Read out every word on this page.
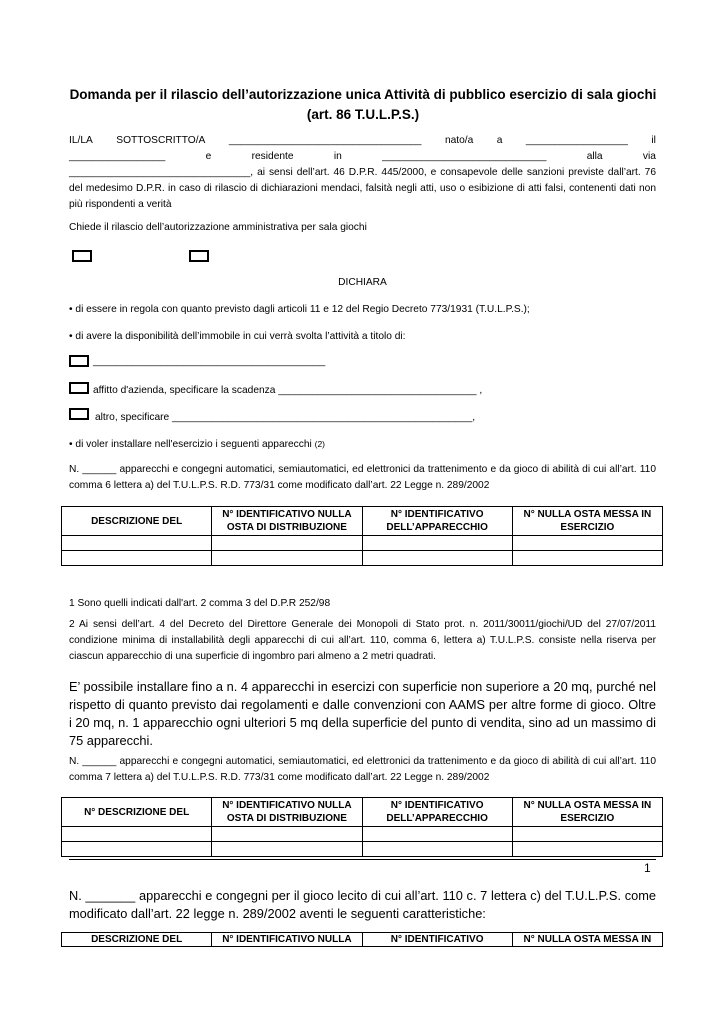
Domanda per il rilascio dell’autorizzazione unica Attività di pubblico esercizio di sala giochi (art. 86 T.U.L.P.S.)
IL/LA SOTTOSCRITTO/A __________________________________ nato/a a __________________ il
_________________	e	residente	in	_____________________________	alla	via
________________________________, ai sensi dell’art. 46 D.P.R. 445/2000, e consapevole delle sanzioni previste dall’art. 76 del medesimo D.P.R. in caso di rilascio di dichiarazioni mendaci, falsità negli atti, uso o esibizione di atti falsi, contenenti dati non più rispondenti a verità
Chiede il rilascio dell’autorizzazione amministrativa per sala giochi
DICHIARA
• di essere in regola con quanto previsto dagli articoli 11 e 12 del Regio Decreto 773/1931 (T.U.L.P.S.);
• di avere la disponibilità dell’immobile in cui verrà svolta l’attività a titolo di:
_________________________________________
affitto d'azienda, specificare la scadenza ___________________________________ ,
altro, specificare _____________________________________________________,
• di voler installare nell'esercizio i seguenti apparecchi (2)
N. ______ apparecchi e congegni automatici, semiautomatici, ed elettronici da trattenimento e da gioco di abilità di cui all’art. 110 comma 6 lettera a) del T.U.L.P.S. R.D. 773/31 come modificato dall’art. 22 Legge n. 289/2002
DESCRIZIONE DEL	N° IDENTIFICATIVO NULLA OSTA DI DISTRIBUZIONE	N° IDENTIFICATIVO DELL’APPARECCHIO	N° NULLA OSTA MESSA IN ESERCIZIO

1 Sono quelli indicati dall'art. 2 comma 3 del D.P.R 252/98
2 Ai sensi dell’art. 4 del Decreto del Direttore Generale dei Monopoli di Stato prot. n. 2011/30011/giochi/UD del 27/07/2011 condizione minima di installabilità degli apparecchi di cui all’art. 110, comma 6, lettera a) T.U.L.P.S. consiste nella riserva per ciascun apparecchio di una superficie di ingombro pari almeno a 2 metri quadrati.
E’ possibile installare fino a n. 4 apparecchi in esercizi con superficie non superiore a 20 mq, purché nel rispetto di quanto previsto dai regolamenti e dalle convenzioni con AAMS per altre forme di gioco. Oltre i 20 mq, n. 1 apparecchio ogni ulteriori 5 mq della superficie del punto di vendita, sino ad un massimo di 75 apparecchi.
N. ______ apparecchi e congegni automatici, semiautomatici, ed elettronici da trattenimento e da gioco di abilità di cui all’art. 110 comma 7 lettera a) del T.U.L.P.S. R.D. 773/31 come modificato dall’art. 22 Legge n. 289/2002
N° DESCRIZIONE DEL	N° IDENTIFICATIVO NULLA OSTA DI DISTRIBUZIONE	N° IDENTIFICATIVO DELL’APPARECCHIO	N° NULLA OSTA MESSA IN ESERCIZIO

1
N. _______ apparecchi e congegni per il gioco lecito di cui all’art. 110 c. 7 lettera c) del T.U.L.P.S. come modificato dall’art. 22 legge n. 289/2002 aventi le seguenti caratteristiche:
DESCRIZIONE DEL	N° IDENTIFICATIVO NULLA	N° IDENTIFICATIVO	N° NULLA OSTA MESSA IN
